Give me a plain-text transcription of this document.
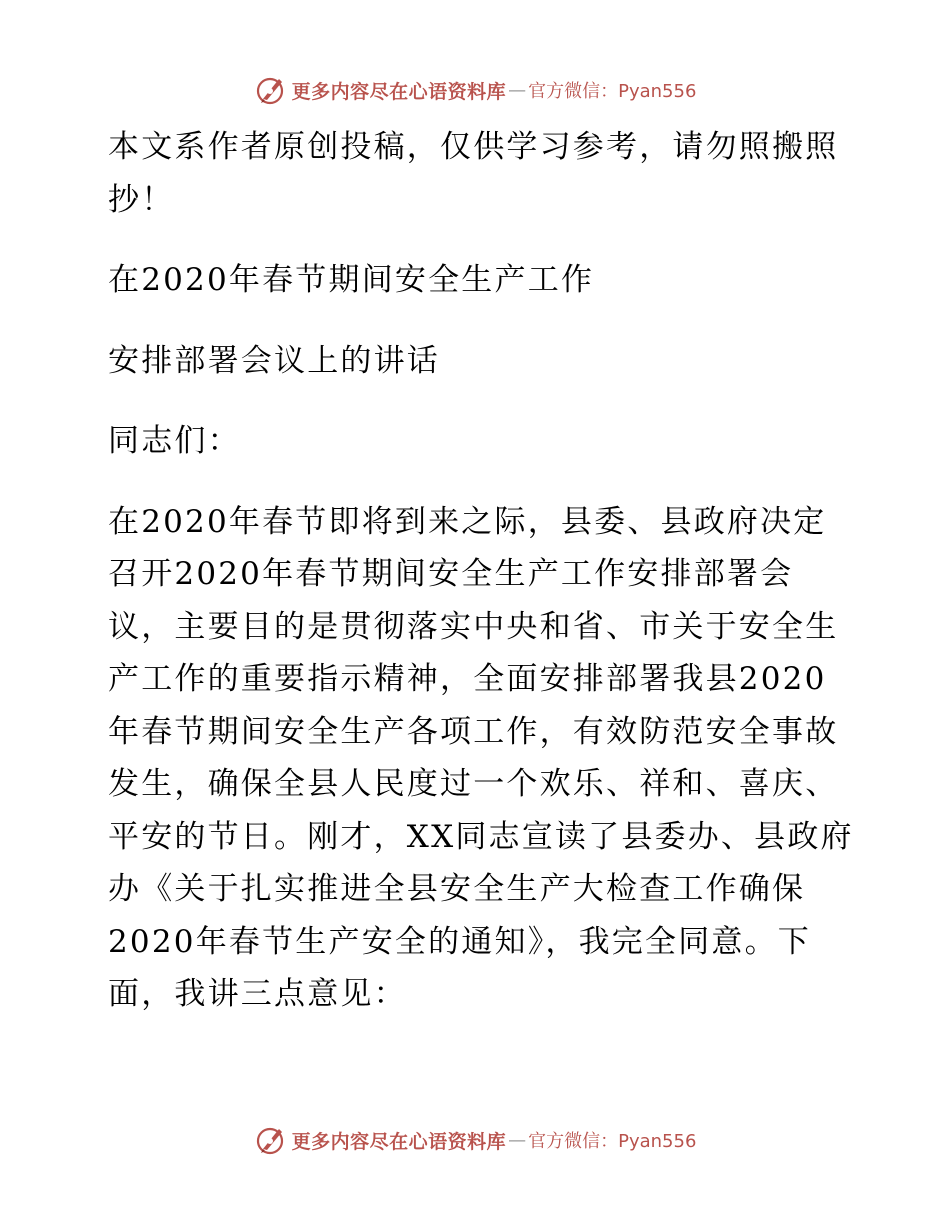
更多内容尽在心语资料库 — 官方微信：Pyan556

本文系作者原创投稿，仅供学习参考，请勿照搬照抄！

在2020年春节期间安全生产工作

安排部署会议上的讲话

同志们：

在2020年春节即将到来之际，县委、县政府决定召开2020年春节期间安全生产工作安排部署会议，主要目的是贯彻落实中央和省、市关于安全生产工作的重要指示精神，全面安排部署我县2020年春节期间安全生产各项工作，有效防范安全事故发生，确保全县人民度过一个欢乐、祥和、喜庆、平安的节日。刚才，XX同志宣读了县委办、县政府办《关于扎实推进全县安全生产大检查工作确保2020年春节生产安全的通知》，我完全同意。下面，我讲三点意见：

更多内容尽在心语资料库 — 官方微信：Pyan556
